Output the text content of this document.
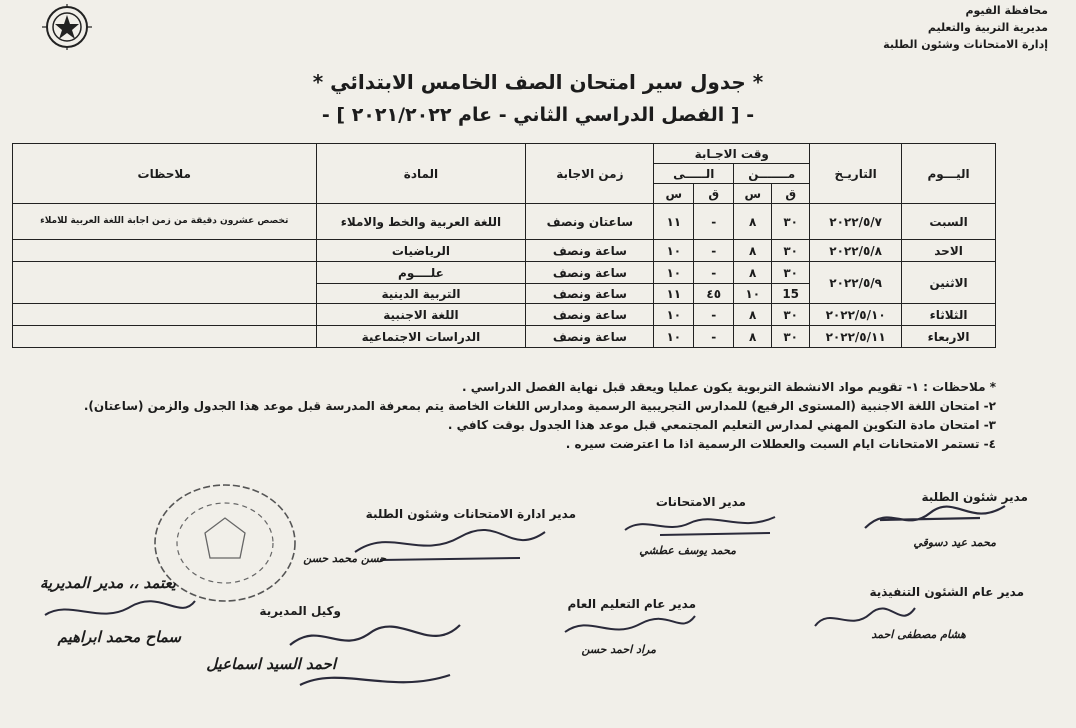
محافظة الفيوم
مديرية التربية والتعليم
إدارة الامتحانات وشئون الطلبة
* جدول سير امتحان الصف الخامس الابتدائي *
- [ الفصل الدراسي الثاني - عام ٢٠٢١/٢٠٢٢ ] -
اليـــوم	التاريـخ	وقت الاجـابة				زمن الاجابة	المادة	ملاحظات
		مـــــــن		الـــــى				
		ق	س	ق	س			
السبت	٢٠٢٢/٥/٧	٣٠	٨	-	١١	ساعتان ونصف	اللغة العربية والخط والاملاء	تخصص عشرون دقيقة من زمن اجابة اللغة العربية للاملاء
الاحد	٢٠٢٢/٥/٨	٣٠	٨	-	١٠	ساعة ونصف	الرياضيات	
الاثنين	٢٠٢٢/٥/٩	٣٠	٨	-	١٠	ساعة ونصف	علــــوم	
		15	١٠	٤٥	١١	ساعة ونصف	التربية الدينية	
الثلاثاء	٢٠٢٢/٥/١٠	٣٠	٨	-	١٠	ساعة ونصف	اللغة الاجنبية	
الاربعاء	٢٠٢٢/٥/١١	٣٠	٨	-	١٠	ساعة ونصف	الدراسات الاجتماعية	
* ملاحظات : ١- تقويم مواد الانشطة التربوية يكون عمليا ويعقد قبل نهاية الفصل الدراسي .
٢- امتحان اللغة الاجنبية (المستوى الرفيع) للمدارس التجريبية الرسمية ومدارس اللغات الخاصة يتم بمعرفة المدرسة قبل موعد هذا الجدول والزمن (ساعتان).
٣- امتحان مادة التكوين المهني لمدارس التعليم المجتمعي قبل موعد هذا الجدول بوقت كافي .
٤- تستمر الامتحانات ايام السبت والعطلات الرسمية اذا ما اعترضت سيره .
مدير شئون الطلبة
محمد عيد دسوقي
مدير الامتحانات
محمد يوسف عطشي
مدير ادارة الامتحانات وشئون الطلبة
حسن محمد حسن
مدير عام الشئون التنفيذية
هشام مصطفى احمد
مدير عام التعليم العام
مراد احمد حسن
وكيل المديرية
احمد السيد اسماعيل
يعتمد ،، مدير المديرية
سماح محمد ابراهيم
